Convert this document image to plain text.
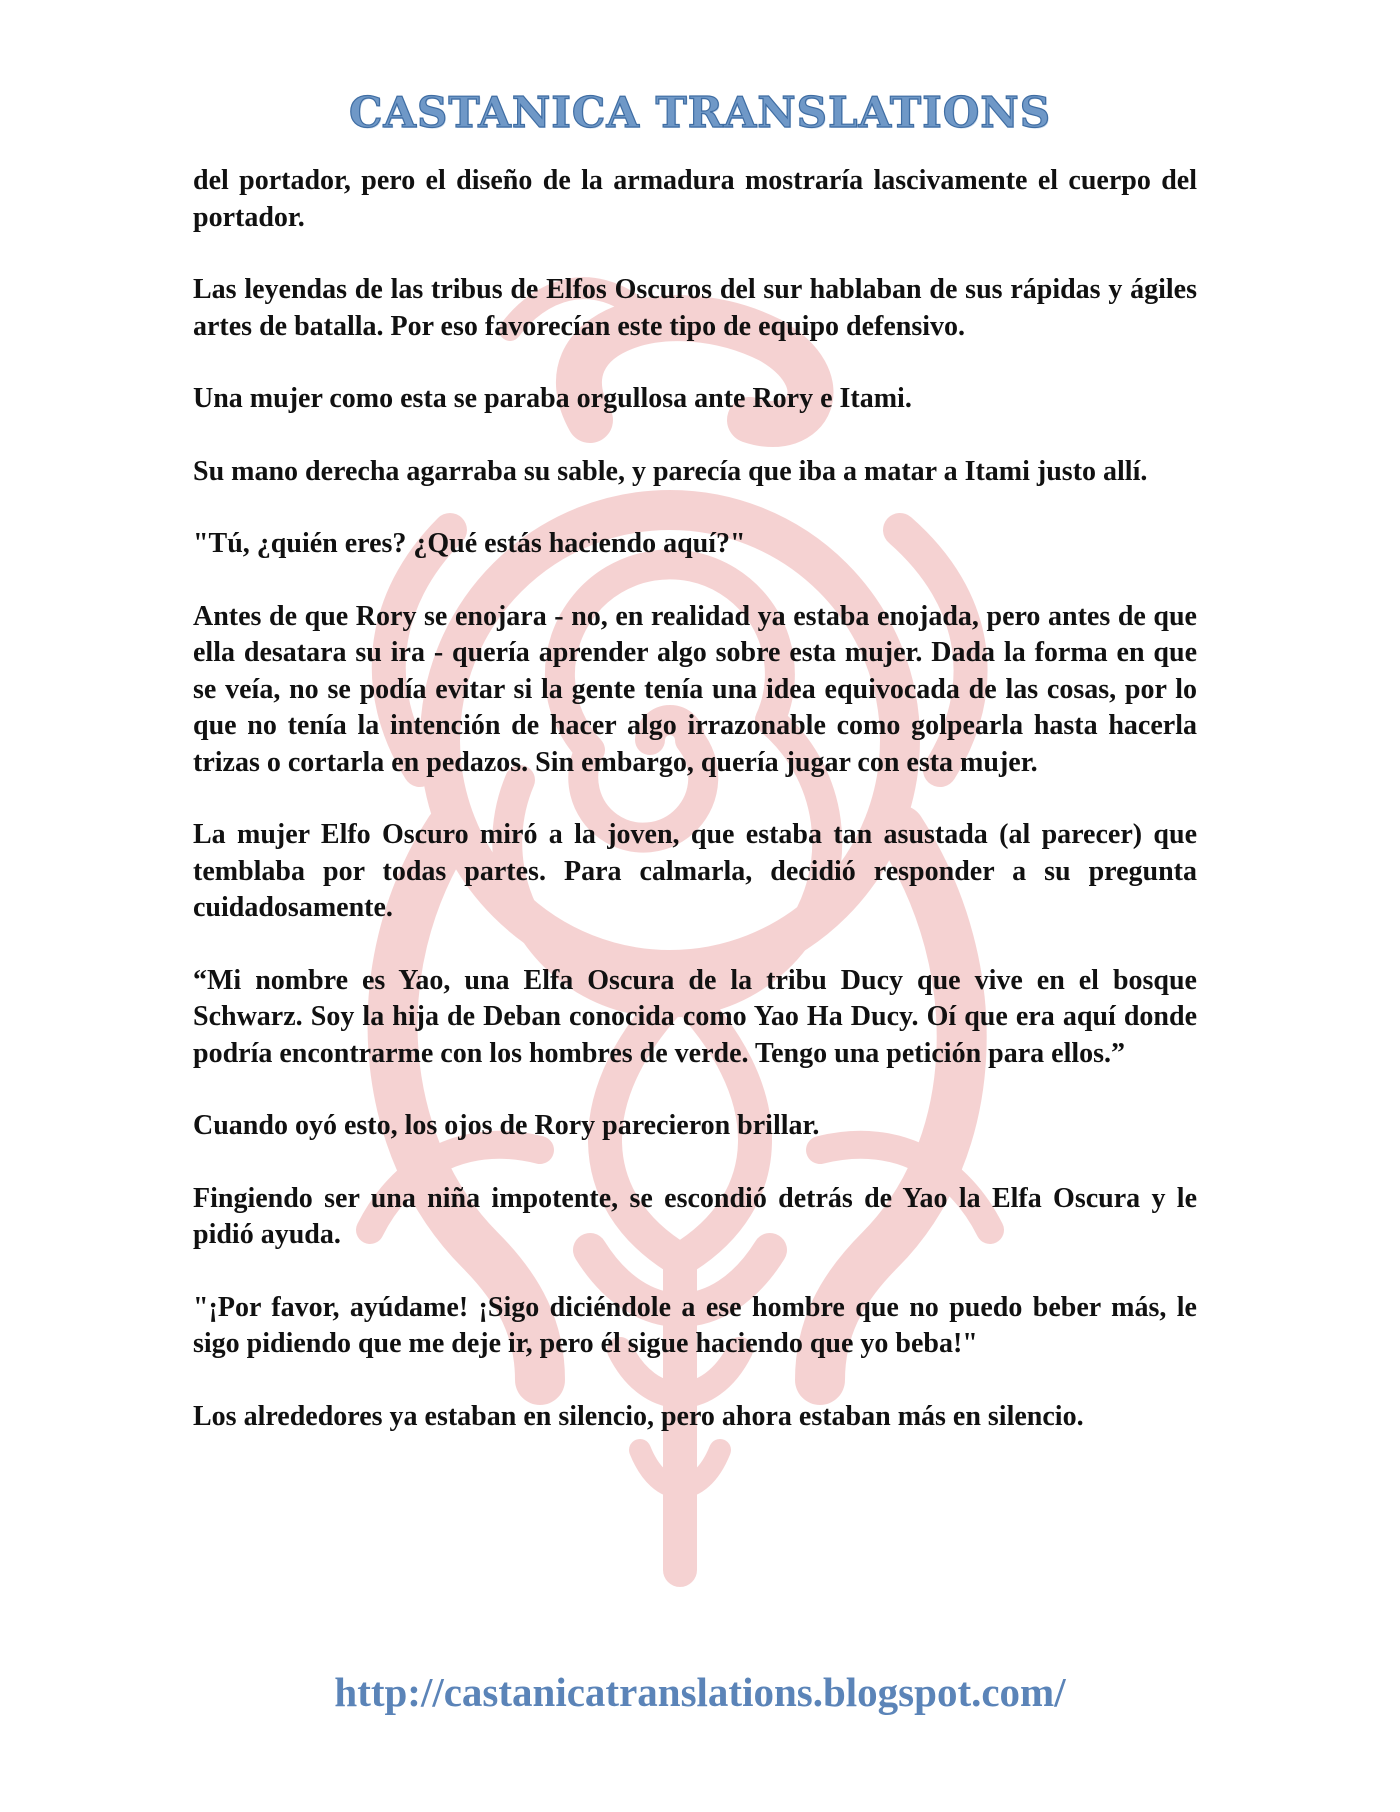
CASTANICA TRANSLATIONS

del portador, pero el diseño de la armadura mostraría lascivamente el cuerpo del portador.

Las leyendas de las tribus de Elfos Oscuros del sur hablaban de sus rápidas y ágiles artes de batalla. Por eso favorecían este tipo de equipo defensivo.

Una mujer como esta se paraba orgullosa ante Rory e Itami.

Su mano derecha agarraba su sable, y parecía que iba a matar a Itami justo allí.

"Tú, ¿quién eres? ¿Qué estás haciendo aquí?"

Antes de que Rory se enojara - no, en realidad ya estaba enojada, pero antes de que ella desatara su ira - quería aprender algo sobre esta mujer. Dada la forma en que se veía, no se podía evitar si la gente tenía una idea equivocada de las cosas, por lo que no tenía la intención de hacer algo irrazonable como golpearla hasta hacerla trizas o cortarla en pedazos. Sin embargo, quería jugar con esta mujer.

La mujer Elfo Oscuro miró a la joven, que estaba tan asustada (al parecer) que temblaba por todas partes. Para calmarla, decidió responder a su pregunta cuidadosamente.

“Mi nombre es Yao, una Elfa Oscura de la tribu Ducy que vive en el bosque Schwarz. Soy la hija de Deban conocida como Yao Ha Ducy. Oí que era aquí donde podría encontrarme con los hombres de verde. Tengo una petición para ellos.”

Cuando oyó esto, los ojos de Rory parecieron brillar.

Fingiendo ser una niña impotente, se escondió detrás de Yao la Elfa Oscura y le pidió ayuda.

"¡Por favor, ayúdame! ¡Sigo diciéndole a ese hombre que no puedo beber más, le sigo pidiendo que me deje ir, pero él sigue haciendo que yo beba!"

Los alrededores ya estaban en silencio, pero ahora estaban más en silencio.

http://castanicatranslations.blogspot.com/
